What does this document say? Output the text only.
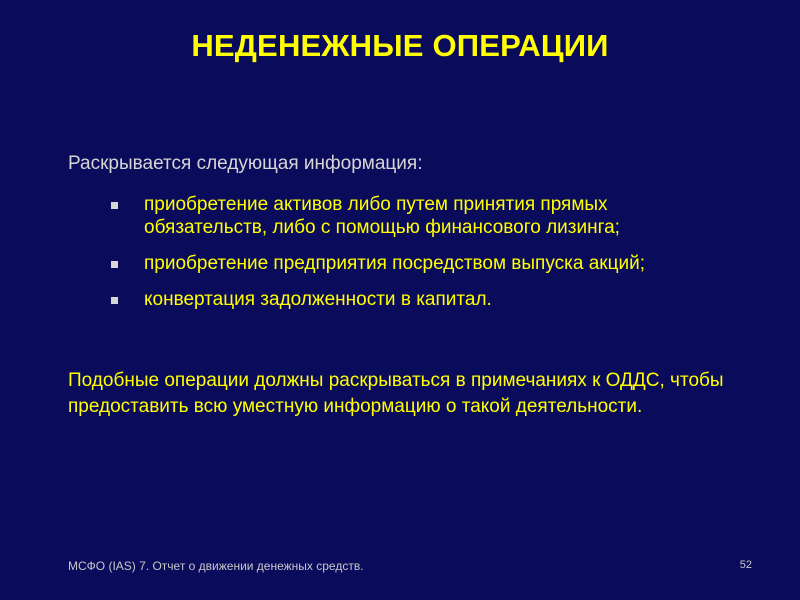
НЕДЕНЕЖНЫЕ ОПЕРАЦИИ
Раскрывается следующая информация:
приобретение активов либо путем принятия прямых обязательств, либо с помощью финансового лизинга;
приобретение предприятия посредством выпуска акций;
конвертация задолженности в капитал.
Подобные операции должны раскрываться в примечаниях к ОДДС, чтобы предоставить всю уместную информацию о такой деятельности.
МСФО (IAS) 7. Отчет о движении денежных средств.	52
